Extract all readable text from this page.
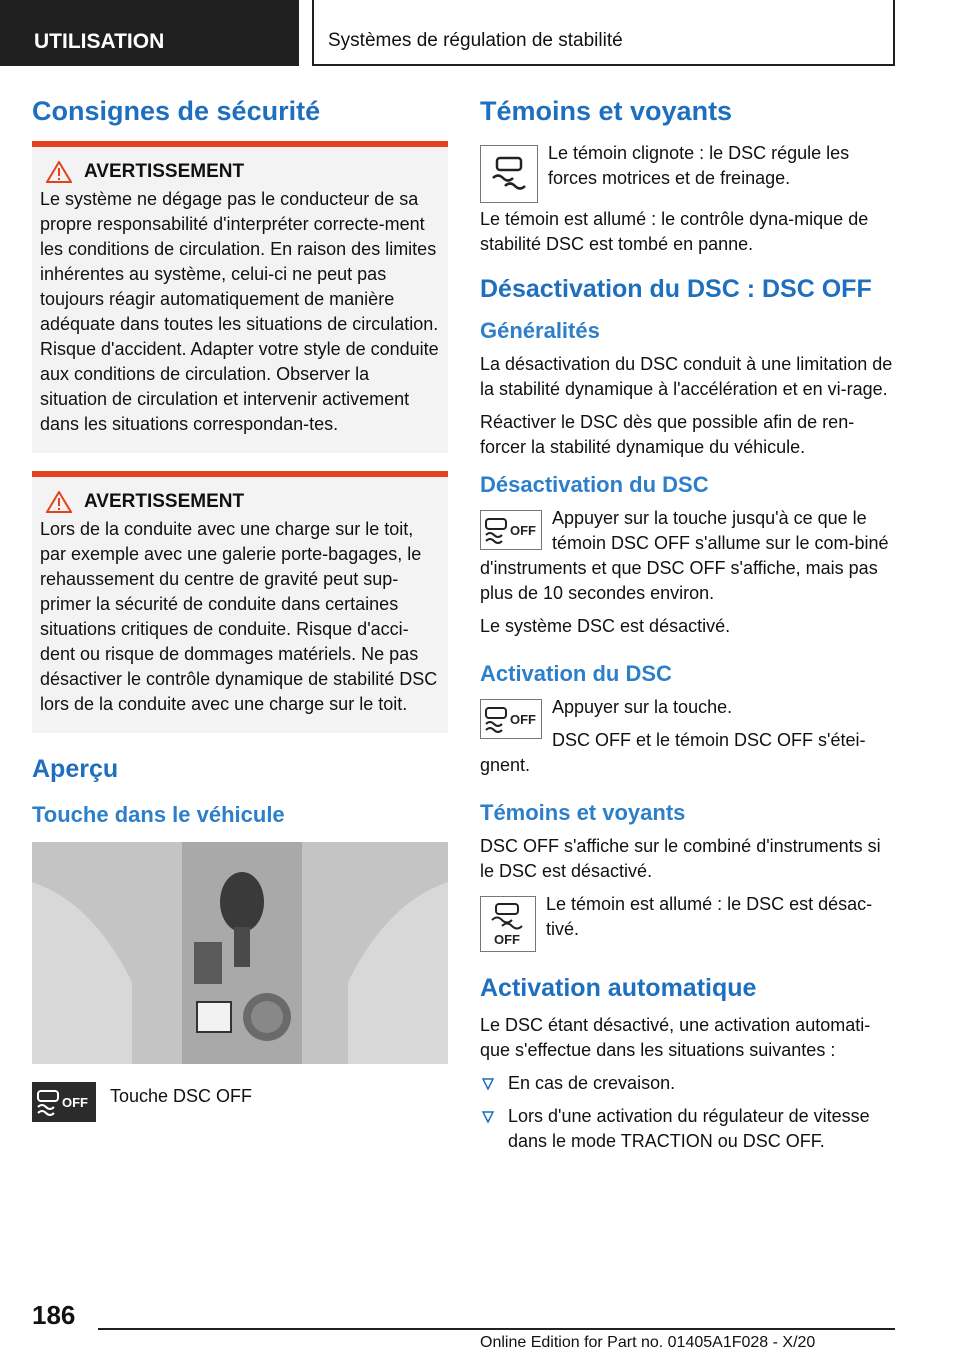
UTILISATION	Systèmes de régulation de stabilité
Consignes de sécurité
AVERTISSEMENT

Le système ne dégage pas le conducteur de sa propre responsabilité d'interpréter correcte-ment les conditions de circulation. En raison des limites inhérentes au système, celui-ci ne peut pas toujours réagir automatiquement de manière adéquate dans toutes les situations de circulation. Risque d'accident. Adapter votre style de conduite aux conditions de circulation. Observer la situation de circulation et intervenir activement dans les situations correspondan-tes.

AVERTISSEMENT

Lors de la conduite avec une charge sur le toit, par exemple avec une galerie porte-bagages, le rehaussement du centre de gravité peut sup-primer la sécurité de conduite dans certaines situations critiques de conduite. Risque d'acci-dent ou risque de dommages matériels. Ne pas désactiver le contrôle dynamique de stabilité DSC lors de la conduite avec une charge sur le toit.

Aperçu
Touche dans le véhicule
OFF Touche DSC OFF

Témoins et voyants

Le témoin clignote : le DSC régule les forces motrices et de freinage.

Le témoin est allumé : le contrôle dyna-mique de stabilité DSC est tombé en panne.

Désactivation du DSC : DSC OFF
Généralités

La désactivation du DSC conduit à une limitation de la stabilité dynamique à l'accélération et en vi-rage.

Réactiver le DSC dès que possible afin de ren-forcer la stabilité dynamique du véhicule.

Désactivation du DSC
OFF

Appuyer sur la touche jusqu'à ce que le témoin DSC OFF s'allume sur le com-biné d'instruments et que DSC OFF s'affiche, mais pas plus de 10 secondes environ.

Le système DSC est désactivé.

Activation du DSC
OFF

Appuyer sur la touche.

DSC OFF et le témoin DSC OFF s'étei-gnent.

Témoins et voyants

DSC OFF s'affiche sur le combiné d'instruments si le DSC est désactivé.

OFF

Le témoin est allumé : le DSC est désac-tivé.

Activation automatique

Le DSC étant désactivé, une activation automati-que s'effectue dans les situations suivantes :

En cas de crevaison.
Lors d'une activation du régulateur de vitesse dans le mode TRACTION ou DSC OFF.
186
Online Edition for Part no. 01405A1F028 - X/20
